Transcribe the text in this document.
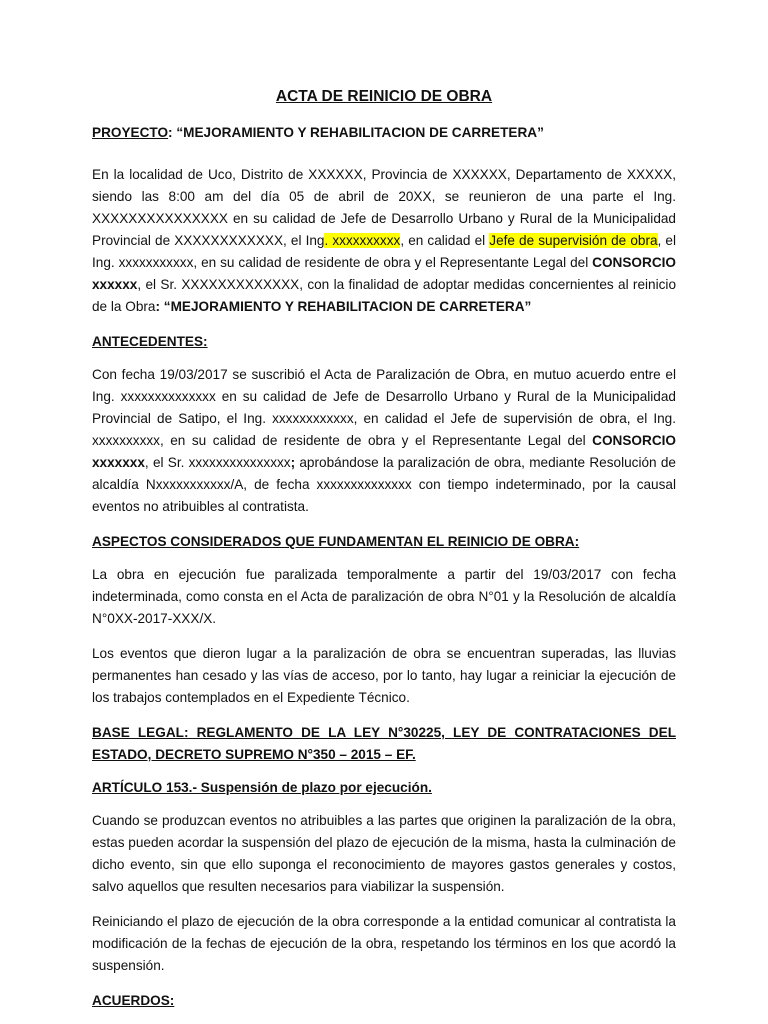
ACTA DE REINICIO DE OBRA
PROYECTO: “MEJORAMIENTO Y REHABILITACION DE CARRETERA”

En la localidad de Uco, Distrito de XXXXXX, Provincia de XXXXXX, Departamento de XXXXX, siendo las 8:00 am del día 05 de abril de 20XX, se reunieron de una parte el Ing. XXXXXXXXXXXXXXX en su calidad de Jefe de Desarrollo Urbano y Rural de la Municipalidad Provincial de XXXXXXXXXXXX, el Ing. xxxxxxxxxx, en calidad el Jefe de supervisión de obra, el Ing. xxxxxxxxxxx, en su calidad de residente de obra y el Representante Legal del CONSORCIO xxxxxx, el Sr. XXXXXXXXXXXXX, con la finalidad de adoptar medidas concernientes al reinicio de la Obra: “MEJORAMIENTO Y REHABILITACION DE CARRETERA”

ANTECEDENTES:

Con fecha 19/03/2017 se suscribió el Acta de Paralización de Obra, en mutuo acuerdo entre el Ing. xxxxxxxxxxxxxx en su calidad de Jefe de Desarrollo Urbano y Rural de la Municipalidad Provincial de Satipo, el Ing. xxxxxxxxxxxx, en calidad el Jefe de supervisión de obra, el Ing. xxxxxxxxxx, en su calidad de residente de obra y el Representante Legal del CONSORCIO xxxxxxx, el Sr. xxxxxxxxxxxxxxx; aprobándose la paralización de obra, mediante Resolución de alcaldía Nxxxxxxxxxxx/A, de fecha xxxxxxxxxxxxxx con tiempo indeterminado, por la causal eventos no atribuibles al contratista.

ASPECTOS CONSIDERADOS QUE FUNDAMENTAN EL REINICIO DE OBRA:

La obra en ejecución fue paralizada temporalmente a partir del 19/03/2017 con fecha indeterminada, como consta en el Acta de paralización de obra N°01 y la Resolución de alcaldía N°0XX-2017-XXX/X.

Los eventos que dieron lugar a la paralización de obra se encuentran superadas, las lluvias permanentes han cesado y las vías de acceso, por lo tanto, hay lugar a reiniciar la ejecución de los trabajos contemplados en el Expediente Técnico.

BASE LEGAL: REGLAMENTO DE LA LEY N°30225, LEY DE CONTRATACIONES DEL ESTADO, DECRETO SUPREMO N°350 – 2015 – EF.
ARTÍCULO 153.- Suspensión de plazo por ejecución.

Cuando se produzcan eventos no atribuibles a las partes que originen la paralización de la obra, estas pueden acordar la suspensión del plazo de ejecución de la misma, hasta la culminación de dicho evento, sin que ello suponga el reconocimiento de mayores gastos generales y costos, salvo aquellos que resulten necesarios para viabilizar la suspensión.

Reiniciando el plazo de ejecución de la obra corresponde a la entidad comunicar al contratista la modificación de la fechas de ejecución de la obra, respetando los términos en los que acordó la suspensión.

ACUERDOS:
